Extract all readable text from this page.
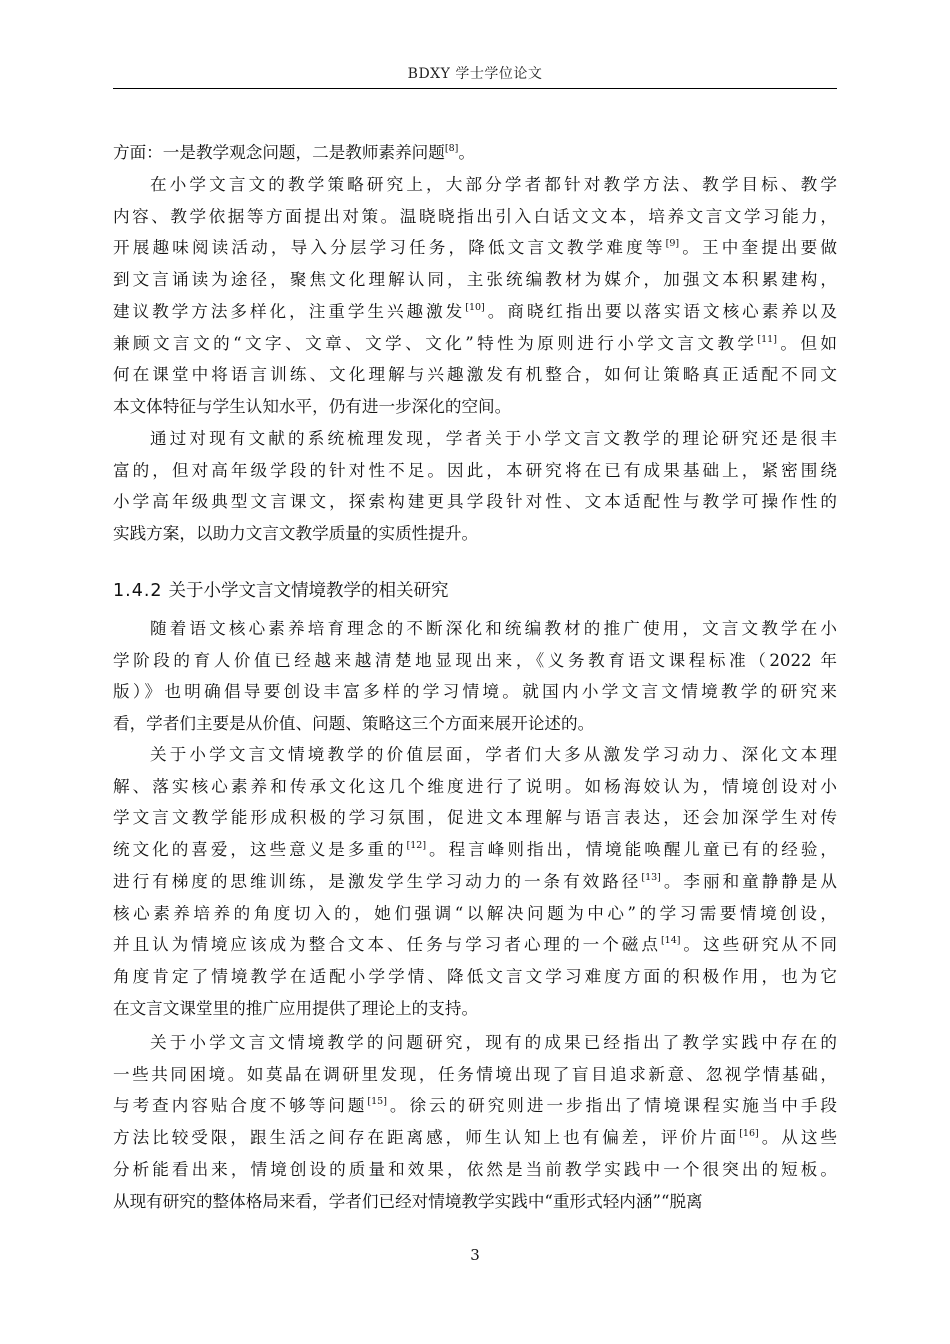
BDXY 学士学位论文
方面：一是教学观念问题，二是教师素养问题[8]。
在小学文言文的教学策略研究上，大部分学者都针对教学方法、教学目标、教学
内容、教学依据等方面提出对策。温晓晓指出引入白话文文本，培养文言文学习能力，
开展趣味阅读活动，导入分层学习任务，降低文言文教学难度等[9]。王中奎提出要做
到文言诵读为途径，聚焦文化理解认同，主张统编教材为媒介，加强文本积累建构，
建议教学方法多样化，注重学生兴趣激发[10]。商晓红指出要以落实语文核心素养以及
兼顾文言文的“文字、文章、文学、文化”特性为原则进行小学文言文教学[11]。但如
何在课堂中将语言训练、文化理解与兴趣激发有机整合，如何让策略真正适配不同文
本文体特征与学生认知水平，仍有进一步深化的空间。
通过对现有文献的系统梳理发现，学者关于小学文言文教学的理论研究还是很丰
富的，但对高年级学段的针对性不足。因此，本研究将在已有成果基础上，紧密围绕
小学高年级典型文言课文，探索构建更具学段针对性、文本适配性与教学可操作性的
实践方案，以助力文言文教学质量的实质性提升。
随着语文核心素养培育理念的不断深化和统编教材的推广使用，文言文教学在小
学阶段的育人价值已经越来越清楚地显现出来，《义务教育语文课程标准（2022 年
版）》也明确倡导要创设丰富多样的学习情境。就国内小学文言文情境教学的研究来
看，学者们主要是从价值、问题、策略这三个方面来展开论述的。
关于小学文言文情境教学的价值层面，学者们大多从激发学习动力、深化文本理
解、落实核心素养和传承文化这几个维度进行了说明。如杨海姣认为，情境创设对小
学文言文教学能形成积极的学习氛围，促进文本理解与语言表达，还会加深学生对传
统文化的喜爱，这些意义是多重的[12]。程言峰则指出，情境能唤醒儿童已有的经验，
进行有梯度的思维训练，是激发学生学习动力的一条有效路径[13]。李丽和童静静是从
核心素养培养的角度切入的，她们强调“以解决问题为中心”的学习需要情境创设，
并且认为情境应该成为整合文本、任务与学习者心理的一个磁点[14]。这些研究从不同
角度肯定了情境教学在适配小学学情、降低文言文学习难度方面的积极作用，也为它
在文言文课堂里的推广应用提供了理论上的支持。
关于小学文言文情境教学的问题研究，现有的成果已经指出了教学实践中存在的
一些共同困境。如莫晶在调研里发现，任务情境出现了盲目追求新意、忽视学情基础，
与考查内容贴合度不够等问题[15]。徐云的研究则进一步指出了情境课程实施当中手段
方法比较受限，跟生活之间存在距离感，师生认知上也有偏差，评价片面[16]。从这些
分析能看出来，情境创设的质量和效果，依然是当前教学实践中一个很突出的短板。
从现有研究的整体格局来看，学者们已经对情境教学实践中“重形式轻内涵”“脱离
1.4.2 关于小学文言文情境教学的相关研究
3
